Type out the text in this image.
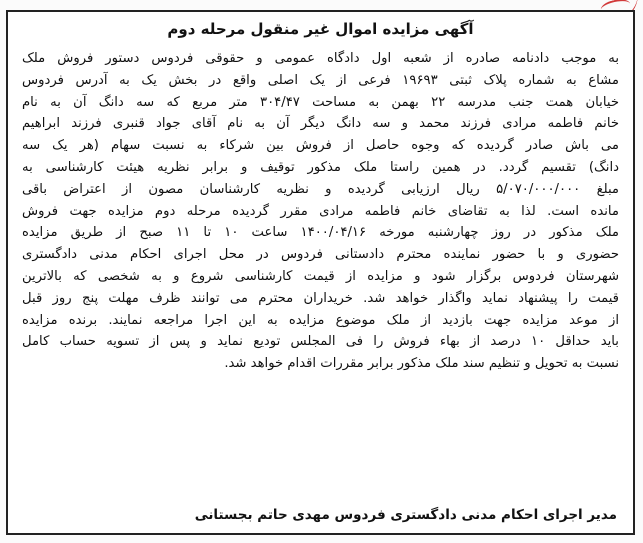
آگهی مزایده اموال غیر منقول مرحله دوم
به موجب دادنامه صادره از شعبه اول دادگاه عمومی و حقوقی فردوس دستور فروش ملک
مشاع به شماره پلاک ثبتی ۱۹۶۹۳ فرعی از یک اصلی واقع در بخش یک به آدرس فردوس
خیابان همت جنب مدرسه ۲۲ بهمن به مساحت ۳۰۴/۴۷ متر مربع که سه دانگ آن به نام
خانم فاطمه مرادی فرزند محمد و سه دانگ دیگر آن به نام آقای جواد قنبری فرزند ابراهیم
می باش صادر گردیده که وجوه حاصل از فروش بین شرکاء به نسبت سهام (هر یک سه
دانگ) تقسیم گردد. در همین راستا ملک مذکور توقیف و برابر نظریه هیئت کارشناسی به
مبلغ ۵/۰۷۰/۰۰۰/۰۰۰ ریال ارزیابی گردیده و نظریه کارشناسان مصون از اعتراض باقی
مانده است. لذا به تقاضای خانم فاطمه مرادی مقرر گردیده مرحله دوم مزایده جهت فروش
ملک مذکور در روز چهارشنبه مورخه ۱۴۰۰/۰۴/۱۶ ساعت ۱۰ تا ۱۱ صبح از طریق مزایده
حضوری و با حضور نماینده محترم دادستانی فردوس در محل اجرای احکام مدنی دادگستری
شهرستان فردوس برگزار شود و مزایده از قیمت کارشناسی شروع و به شخصی که بالاترین
قیمت را پیشنهاد نماید واگذار خواهد شد. خریداران محترم می توانند ظرف مهلت پنج روز قبل
از موعد مزایده جهت بازدید از ملک موضوع مزایده به این اجرا مراجعه نمایند. برنده مزایده
باید حداقل ۱۰ درصد از بهاء فروش را فی المجلس تودیع نماید و پس از تسویه حساب کامل
نسبت به تحویل و تنظیم سند ملک مذکور برابر مقررات اقدام خواهد شد.
مدیر اجرای احکام مدنی دادگستری فردوس مهدی حاتم بجستانی
